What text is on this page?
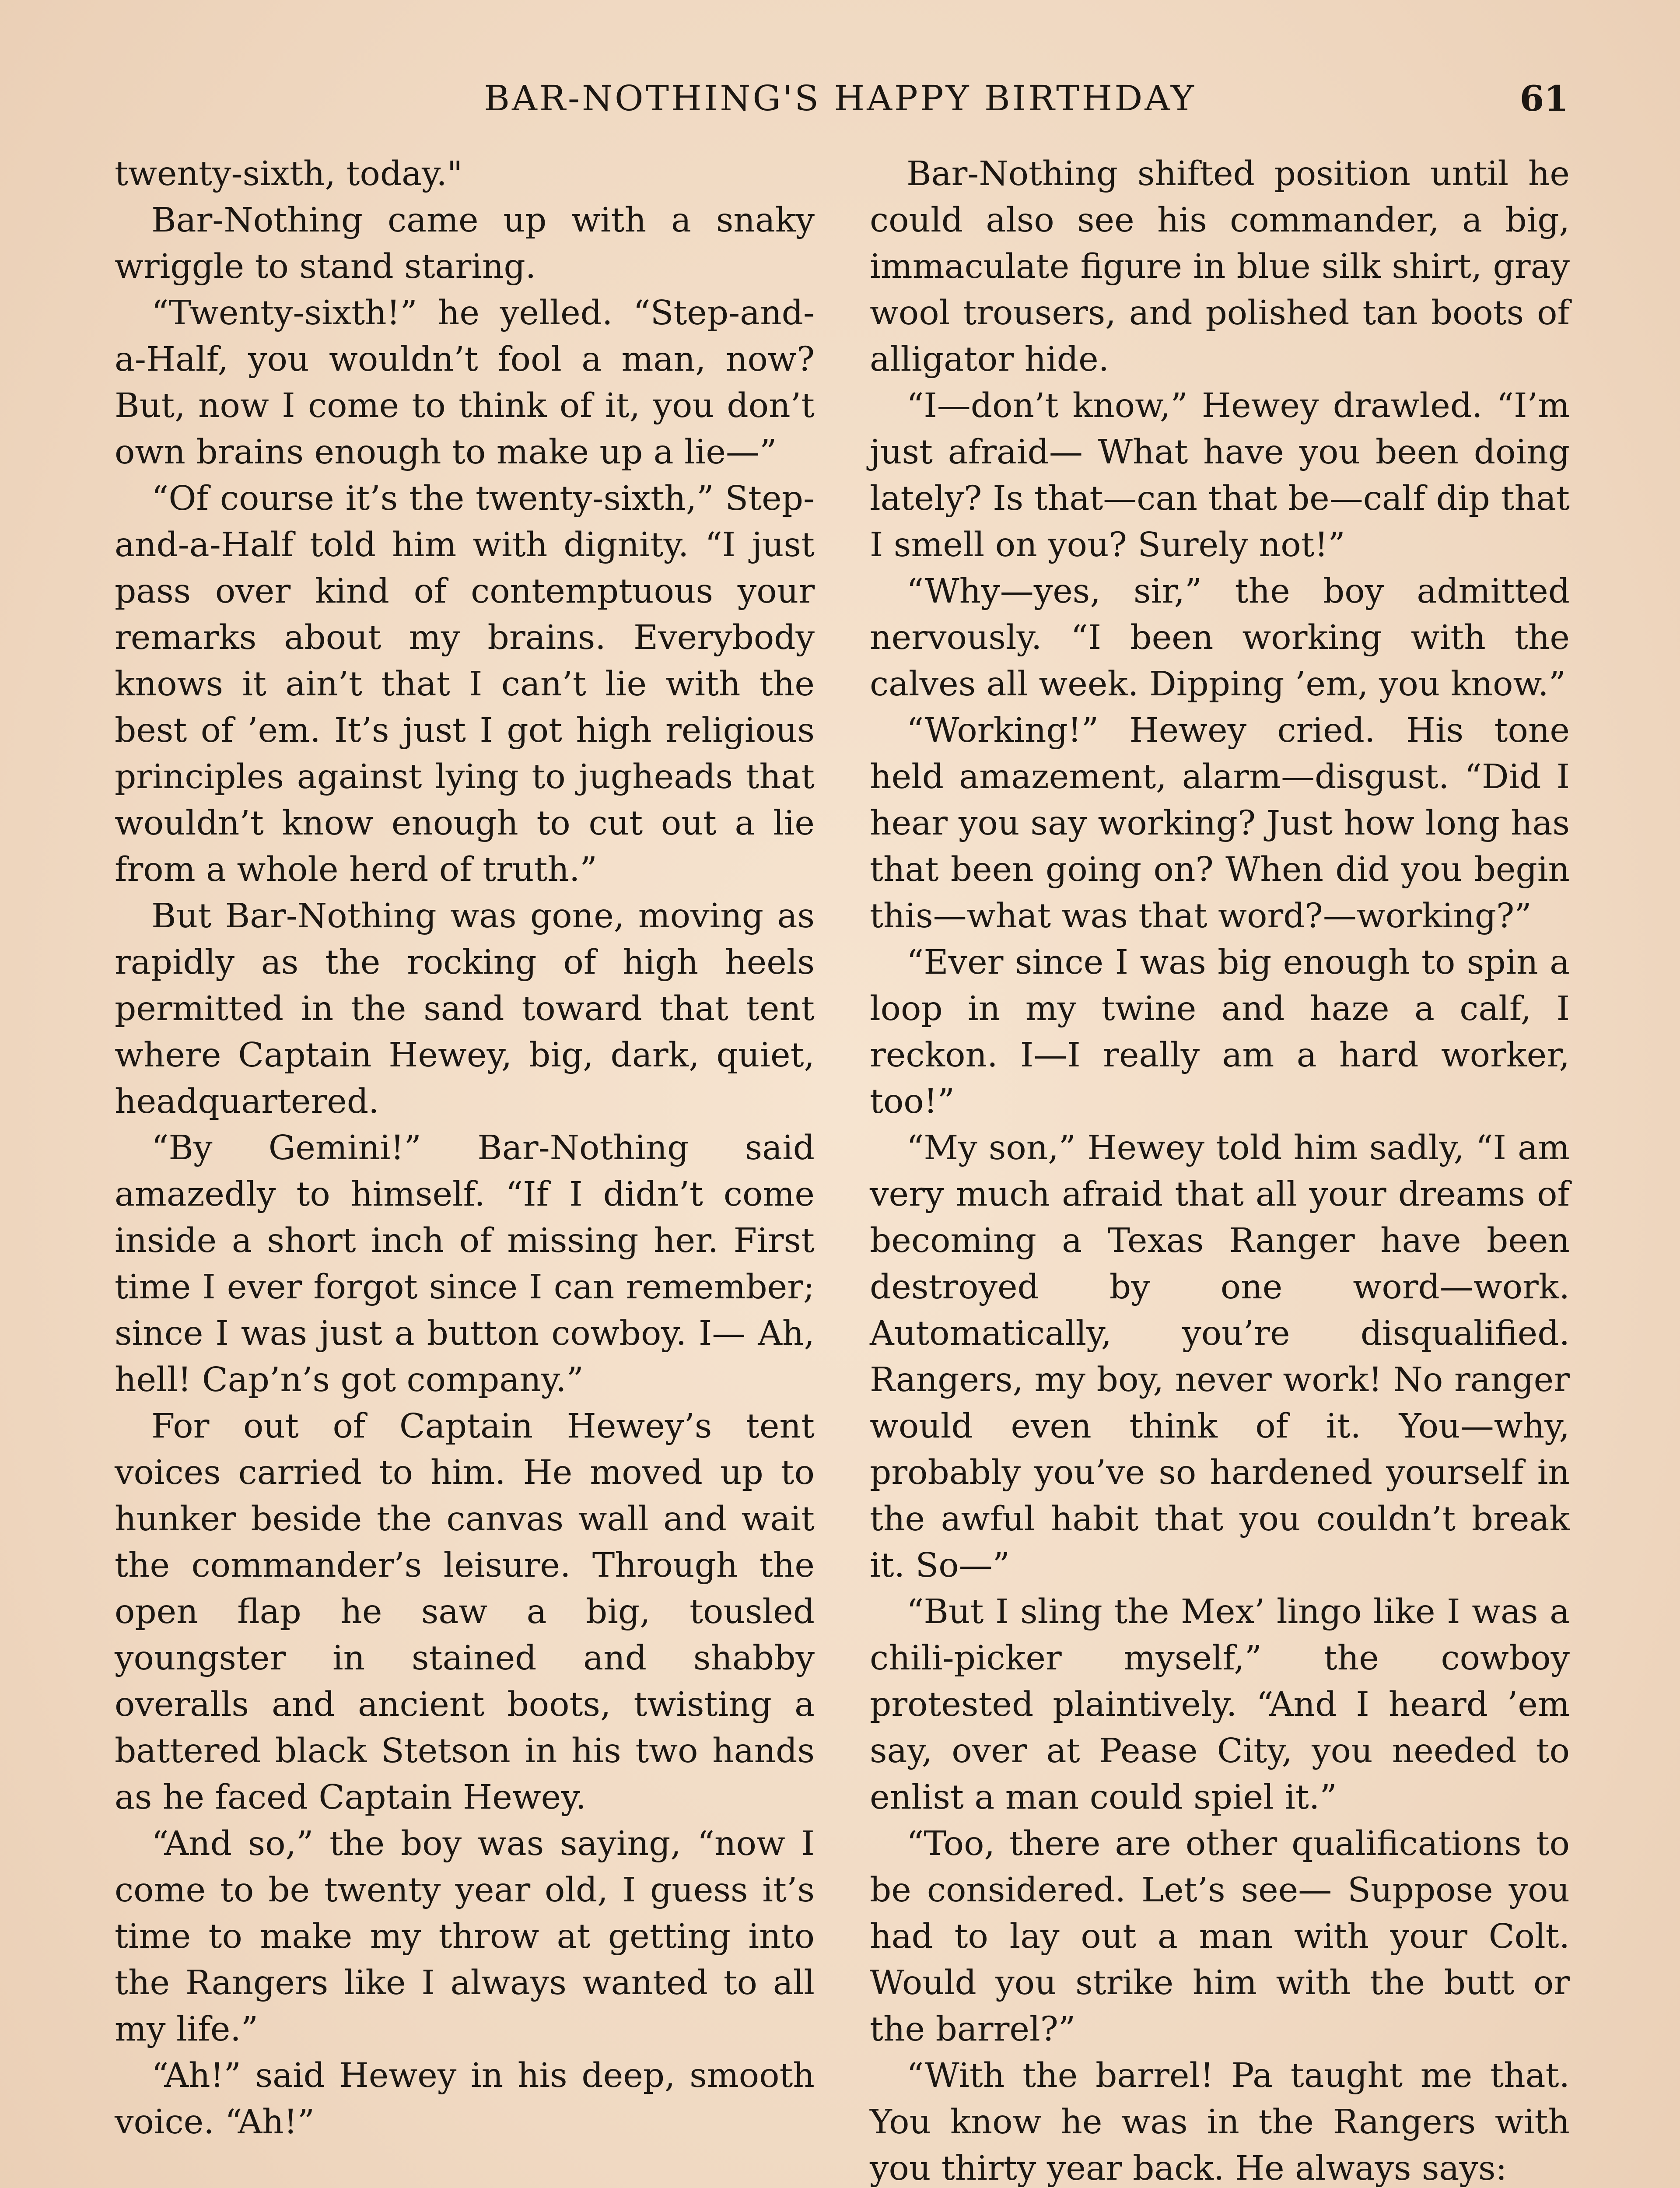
BAR-NOTHING'S HAPPY BIRTHDAY	61

twenty-sixth, today."

Bar-Nothing came up with a snaky wriggle to stand staring.

“Twenty-sixth!” he yelled. “Step-and-a-Half, you wouldn’t fool a man, now? But, now I come to think of it, you don’t own brains enough to make up a lie—”

“Of course it’s the twenty-sixth,” Step-and-a-Half told him with dignity. “I just pass over kind of contemptuous your remarks about my brains. Everybody knows it ain’t that I can’t lie with the best of ’em. It’s just I got high religious principles against lying to jugheads that wouldn’t know enough to cut out a lie from a whole herd of truth.”

But Bar-Nothing was gone, moving as rapidly as the rocking of high heels permitted in the sand toward that tent where Captain Hewey, big, dark, quiet, headquartered.

“By Gemini!” Bar-Nothing said amazedly to himself. “If I didn’t come inside a short inch of missing her. First time I ever forgot since I can remember; since I was just a button cowboy. I— Ah, hell! Cap’n’s got company.”

For out of Captain Hewey’s tent voices carried to him. He moved up to hunker beside the canvas wall and wait the commander’s leisure. Through the open flap he saw a big, tousled youngster in stained and shabby overalls and ancient boots, twisting a battered black Stetson in his two hands as he faced Captain Hewey.

“And so,” the boy was saying, “now I come to be twenty year old, I guess it’s time to make my throw at getting into the Rangers like I always wanted to all my life.”

“Ah!” said Hewey in his deep, smooth voice. “Ah!”

Bar-Nothing shifted position until he could also see his commander, a big, immaculate figure in blue silk shirt, gray wool trousers, and polished tan boots of alligator hide.

“I—don’t know,” Hewey drawled. “I’m just afraid— What have you been doing lately? Is that—can that be—calf dip that I smell on you? Surely not!”

“Why—yes, sir,” the boy admitted nervously. “I been working with the calves all week. Dipping ’em, you know.”

“Working!” Hewey cried. His tone held amazement, alarm—disgust. “Did I hear you say working? Just how long has that been going on? When did you begin this—what was that word?—working?”

“Ever since I was big enough to spin a loop in my twine and haze a calf, I reckon. I—I really am a hard worker, too!”

“My son,” Hewey told him sadly, “I am very much afraid that all your dreams of becoming a Texas Ranger have been destroyed by one word—work. Automatically, you’re disqualified. Rangers, my boy, never work! No ranger would even think of it. You—why, probably you’ve so hardened yourself in the awful habit that you couldn’t break it. So—”

“But I sling the Mex’ lingo like I was a chili-picker myself,” the cowboy protested plaintively. “And I heard ’em say, over at Pease City, you needed to enlist a man could spiel it.”

“Too, there are other qualifications to be considered. Let’s see— Suppose you had to lay out a man with your Colt. Would you strike him with the butt or the barrel?”

“With the barrel! Pa taught me that. You know he was in the Rangers with you thirty year back. He always says:
